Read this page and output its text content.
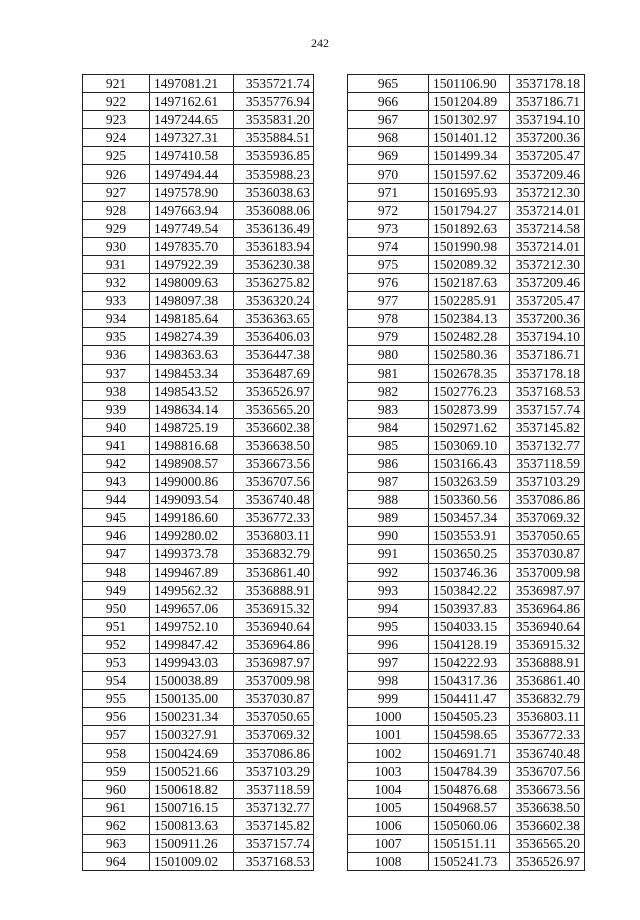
242
921	1497081.21	3535721.74
922	1497162.61	3535776.94
923	1497244.65	3535831.20
924	1497327.31	3535884.51
925	1497410.58	3535936.85
926	1497494.44	3535988.23
927	1497578.90	3536038.63
928	1497663.94	3536088.06
929	1497749.54	3536136.49
930	1497835.70	3536183.94
931	1497922.39	3536230.38
932	1498009.63	3536275.82
933	1498097.38	3536320.24
934	1498185.64	3536363.65
935	1498274.39	3536406.03
936	1498363.63	3536447.38
937	1498453.34	3536487.69
938	1498543.52	3536526.97
939	1498634.14	3536565.20
940	1498725.19	3536602.38
941	1498816.68	3536638.50
942	1498908.57	3536673.56
943	1499000.86	3536707.56
944	1499093.54	3536740.48
945	1499186.60	3536772.33
946	1499280.02	3536803.11
947	1499373.78	3536832.79
948	1499467.89	3536861.40
949	1499562.32	3536888.91
950	1499657.06	3536915.32
951	1499752.10	3536940.64
952	1499847.42	3536964.86
953	1499943.03	3536987.97
954	1500038.89	3537009.98
955	1500135.00	3537030.87
956	1500231.34	3537050.65
957	1500327.91	3537069.32
958	1500424.69	3537086.86
959	1500521.66	3537103.29
960	1500618.82	3537118.59
961	1500716.15	3537132.77
962	1500813.63	3537145.82
963	1500911.26	3537157.74
964	1501009.02	3537168.53
965	1501106.90	3537178.18
966	1501204.89	3537186.71
967	1501302.97	3537194.10
968	1501401.12	3537200.36
969	1501499.34	3537205.47
970	1501597.62	3537209.46
971	1501695.93	3537212.30
972	1501794.27	3537214.01
973	1501892.63	3537214.58
974	1501990.98	3537214.01
975	1502089.32	3537212.30
976	1502187.63	3537209.46
977	1502285.91	3537205.47
978	1502384.13	3537200.36
979	1502482.28	3537194.10
980	1502580.36	3537186.71
981	1502678.35	3537178.18
982	1502776.23	3537168.53
983	1502873.99	3537157.74
984	1502971.62	3537145.82
985	1503069.10	3537132.77
986	1503166.43	3537118.59
987	1503263.59	3537103.29
988	1503360.56	3537086.86
989	1503457.34	3537069.32
990	1503553.91	3537050.65
991	1503650.25	3537030.87
992	1503746.36	3537009.98
993	1503842.22	3536987.97
994	1503937.83	3536964.86
995	1504033.15	3536940.64
996	1504128.19	3536915.32
997	1504222.93	3536888.91
998	1504317.36	3536861.40
999	1504411.47	3536832.79
1000	1504505.23	3536803.11
1001	1504598.65	3536772.33
1002	1504691.71	3536740.48
1003	1504784.39	3536707.56
1004	1504876.68	3536673.56
1005	1504968.57	3536638.50
1006	1505060.06	3536602.38
1007	1505151.11	3536565.20
1008	1505241.73	3536526.97
